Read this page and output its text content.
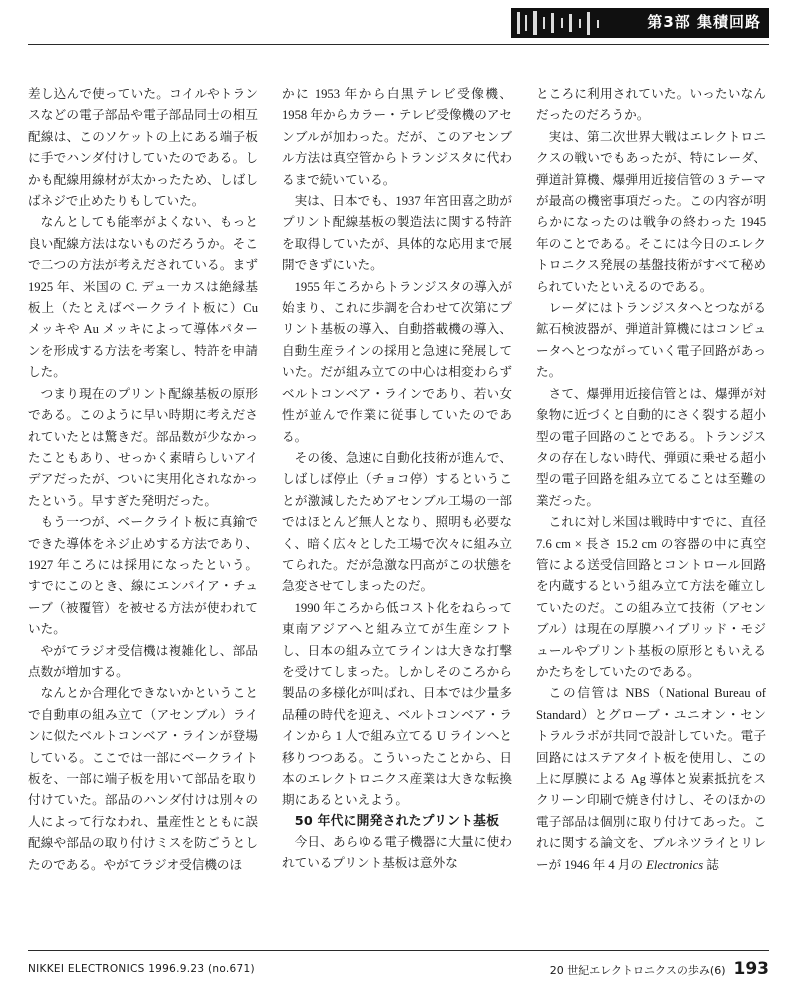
第3部 集積回路

差し込んで使っていた。コイルやトランスなどの電子部品や電子部品同士の相互配線は、このソケットの上にある端子板に手でハンダ付けしていたのである。しかも配線用線材が太かったため、しばしばネジで止めたりもしていた。

なんとしても能率がよくない、もっと良い配線方法はないものだろうか。そこで二つの方法が考えだされている。まず 1925 年、米国の C. デュ一カスは絶縁基板上（たとえばベークライト板に）Cu メッキや Au メッキによって導体パターンを形成する方法を考案し、特許を申請した。

つまり現在のプリント配線基板の原形である。このように早い時期に考えだされていたとは驚きだ。部品数が少なかったこともあり、せっかく素晴らしいアイデアだったが、ついに実用化されなかったという。早すぎた発明だった。

もう一つが、ベークライト板に真鍮でできた導体をネジ止めする方法であり、1927 年ころには採用になったという。すでにこのとき、線にエンパイア・チューブ（被覆管）を被せる方法が使われていた。

やがてラジオ受信機は複雑化し、部品点数が増加する。

なんとか合理化できないかということで自動車の組み立て（アセンブル）ラインに似たベルトコンベア・ラインが登場している。ここでは一部にベークライト板を、一部に端子板を用いて部品を取り付けていた。部品のハンダ付けは別々の人によって行なわれ、量産性とともに誤配線や部品の取り付けミスを防ごうとしたのである。やがてラジオ受信機のほ

かに 1953 年から白黒テレビ受像機、1958 年からカラー・テレビ受像機のアセンブルが加わった。だが、このアセンブル方法は真空管からトランジスタに代わるまで続いている。

実は、日本でも、1937 年宮田喜之助がプリント配線基板の製造法に関する特許を取得していたが、具体的な応用まで展開できずにいた。

1955 年ころからトランジスタの導入が始まり、これに歩調を合わせて次第にプリント基板の導入、自動搭載機の導入、自動生産ラインの採用と急速に発展していた。だが組み立ての中心は相変わらずベルトコンベア・ラインであり、若い女性が並んで作業に従事していたのである。

その後、急速に自動化技術が進んで、しばしば停止（チョコ停）するということが激減したためアセンブル工場の一部ではほとんど無人となり、照明も必要なく、暗く広々とした工場で次々に組み立てられた。だが急激な円高がこの状態を急変させてしまったのだ。

1990 年ころから低コスト化をねらって東南アジアへと組み立てが生産シフトし、日本の組み立てラインは大きな打撃を受けてしまった。しかしそのころから製品の多様化が叫ばれ、日本では少量多品種の時代を迎え、ベルトコンベア・ラインから 1 人で組み立てる U ラインへと移りつつある。こういったことから、日本のエレクトロニクス産業は大きな転換期にあるといえよう。

50 年代に開発されたプリント基板

今日、あらゆる電子機器に大量に使われているプリント基板は意外な

ところに利用されていた。いったいなんだったのだろうか。

実は、第二次世界大戦はエレクトロニクスの戦いでもあったが、特にレーダ、弾道計算機、爆弾用近接信管の 3 テーマが最高の機密事項だった。この内容が明らかになったのは戦争の終わった 1945 年のことである。そこには今日のエレクトロニクス発展の基盤技術がすべて秘められていたといえるのである。

レーダにはトランジスタヘとつながる鉱石検波器が、弾道計算機にはコンピュータへとつながっていく電子回路があった。

さて、爆弾用近接信管とは、爆弾が対象物に近づくと自動的にさく裂する超小型の電子回路のことである。トランジスタの存在しない時代、弾頭に乗せる超小型の電子回路を組み立てることは至難の業だった。

これに対し米国は戦時中すでに、直径 7.6 cm × 長さ 15.2 cm の容器の中に真空管による送受信回路とコントロール回路を内蔵するという組み立て方法を確立していたのだ。この組み立て技術（アセンブル）は現在の厚膜ハイブリッド・モジュールやプリント基板の原形ともいえるかたちをしていたのである。

この信管は NBS（National Bureau of Standard）とグローブ・ユニオン・セントラルラボが共同で設計していた。電子回路にはステアタイト板を使用し、この上に厚膜による Ag 導体と炭素抵抗をスクリーン印刷で焼き付けし、そのほかの電子部品は個別に取り付けてあった。これに関する論文を、ブルネツライとリレーが 1946 年 4 月の Electronics 誌

NIKKEI ELECTRONICS 1996.9.23 (no.671)	20 世紀エレクトロニクスの歩み(6) 193
